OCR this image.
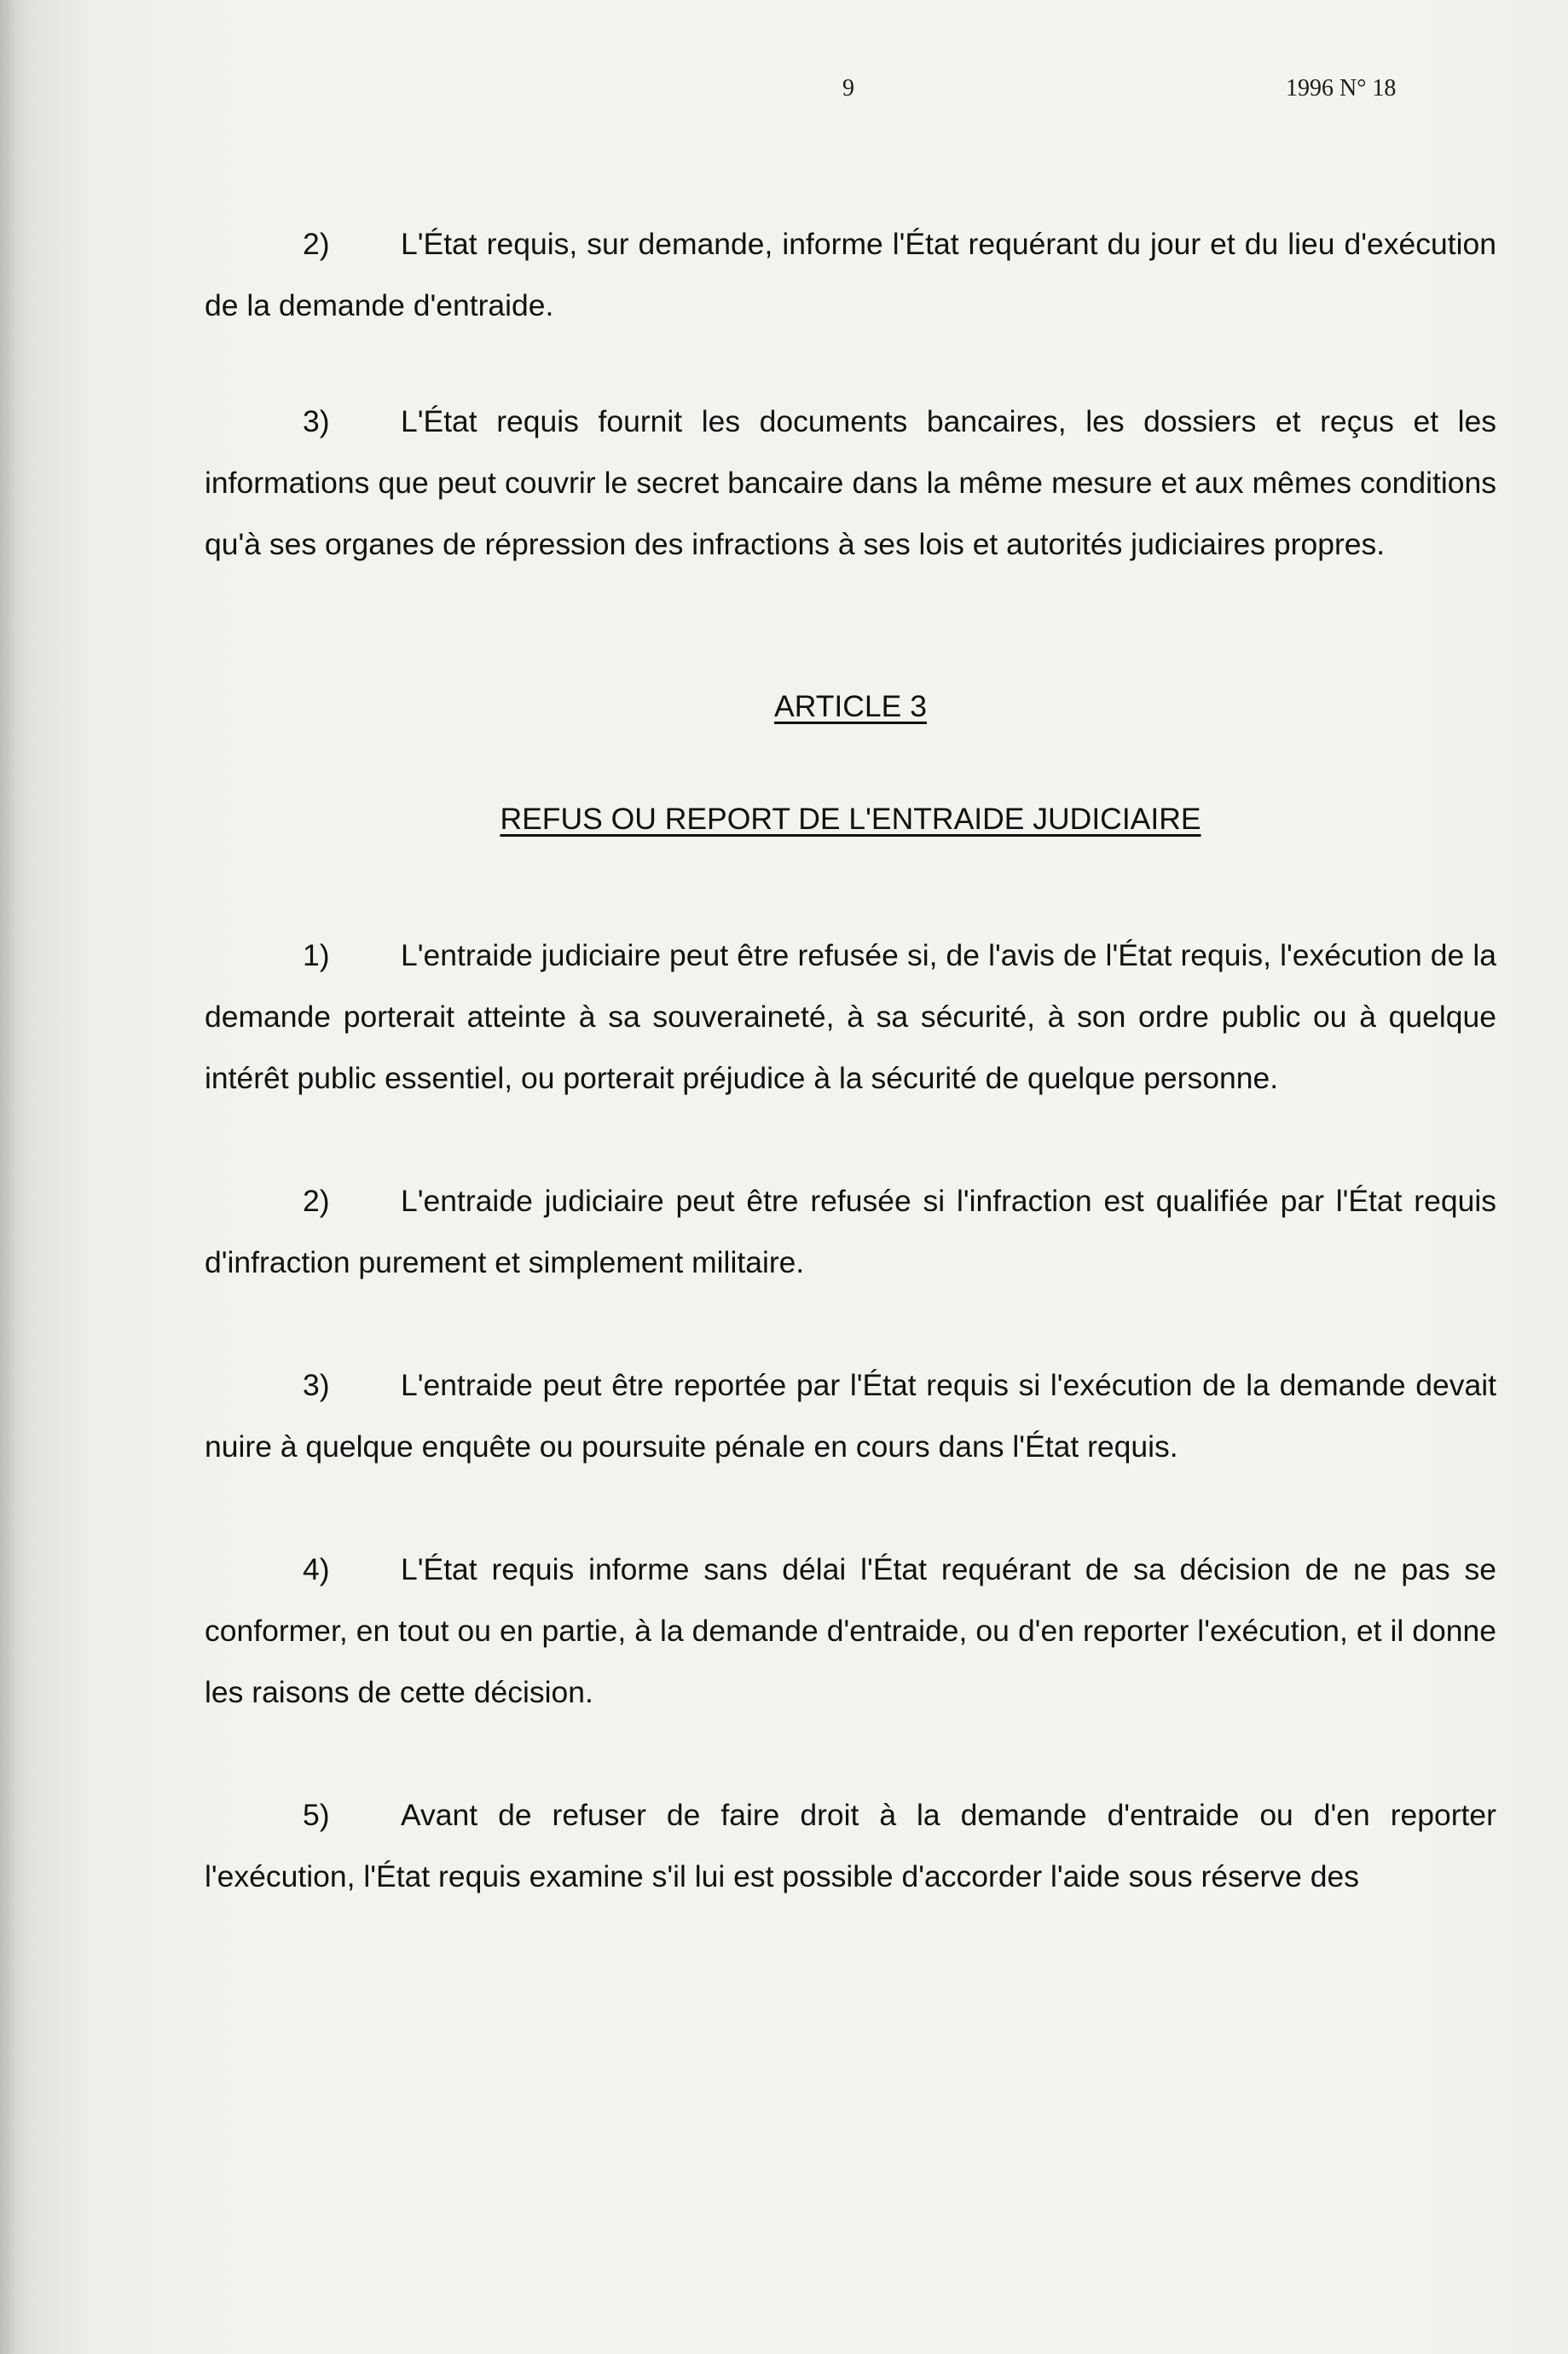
9	1996 N° 18

2) L'État requis, sur demande, informe l'État requérant du jour et du lieu d'exécution de la demande d'entraide.

3) L'État requis fournit les documents bancaires, les dossiers et reçus et les informations que peut couvrir le secret bancaire dans la même mesure et aux mêmes conditions qu'à ses organes de répression des infractions à ses lois et autorités judiciaires propres.

ARTICLE 3

REFUS OU REPORT DE L'ENTRAIDE JUDICIAIRE

1) L'entraide judiciaire peut être refusée si, de l'avis de l'État requis, l'exécution de la demande porterait atteinte à sa souveraineté, à sa sécurité, à son ordre public ou à quelque intérêt public essentiel, ou porterait préjudice à la sécurité de quelque personne.

2) L'entraide judiciaire peut être refusée si l'infraction est qualifiée par l'État requis d'infraction purement et simplement militaire.

3) L'entraide peut être reportée par l'État requis si l'exécution de la demande devait nuire à quelque enquête ou poursuite pénale en cours dans l'État requis.

4) L'État requis informe sans délai l'État requérant de sa décision de ne pas se conformer, en tout ou en partie, à la demande d'entraide, ou d'en reporter l'exécution, et il donne les raisons de cette décision.

5) Avant de refuser de faire droit à la demande d'entraide ou d'en reporter l'exécution, l'État requis examine s'il lui est possible d'accorder l'aide sous réserve des
